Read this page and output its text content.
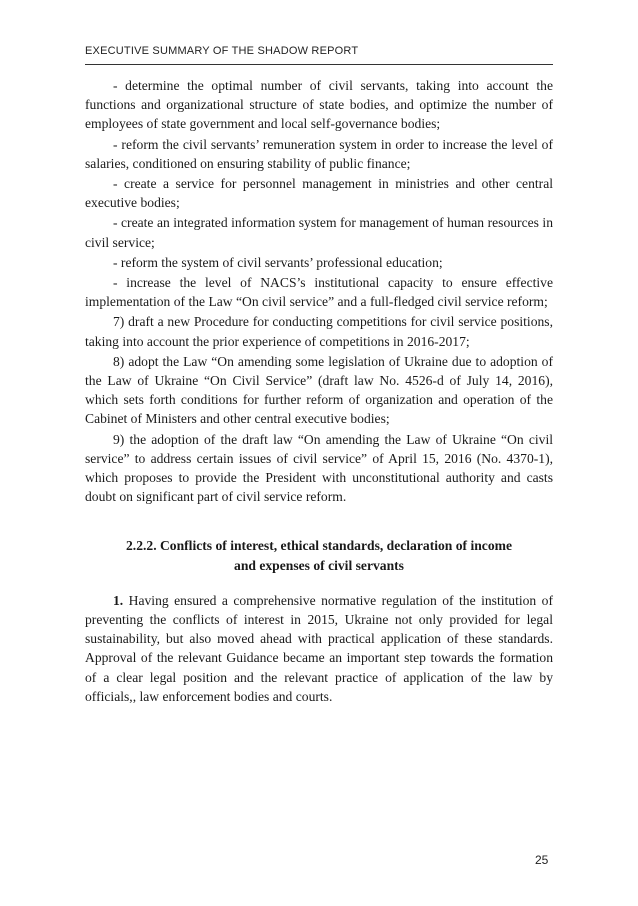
EXECUTIVE SUMMARY OF THE SHADOW REPORT

- determine the optimal number of civil servants, taking into account the functions and organizational structure of state bodies, and optimize the number of employees of state government and local self-governance bodies;

- reform the civil servants’ remuneration system in order to increase the level of salaries, conditioned on ensuring stability of public finance;

- create a service for personnel management in ministries and other central executive bodies;

- create an integrated information system for management of human resources in civil service;

- reform the system of civil servants’ professional education;

- increase the level of NACS’s institutional capacity to ensure effective implementation of the Law “On civil service” and a full-fledged civil service reform;

7) draft a new Procedure for conducting competitions for civil service positions, taking into account the prior experience of competitions in 2016-2017;

8) adopt the Law “On amending some legislation of Ukraine due to adoption of the Law of Ukraine “On Civil Service” (draft law No. 4526-d of July 14, 2016), which sets forth conditions for further reform of organization and operation of the Cabinet of Ministers and other central executive bodies;

9) the adoption of the draft law “On amending the Law of Ukraine “On civil service” to address certain issues of civil service” of April 15, 2016 (No. 4370-1), which proposes to provide the President with unconstitutional authority and casts doubt on significant part of civil service reform.

2.2.2. Conflicts of interest, ethical standards, declaration of income
and expenses of civil servants

1. Having ensured a comprehensive normative regulation of the institution of preventing the conflicts of interest in 2015, Ukraine not only provided for legal sustainability, but also moved ahead with practical application of these standards. Approval of the relevant Guidance became an important step towards the formation of a clear legal position and the relevant practice of application of the law by officials,, law enforcement bodies and courts.

25
